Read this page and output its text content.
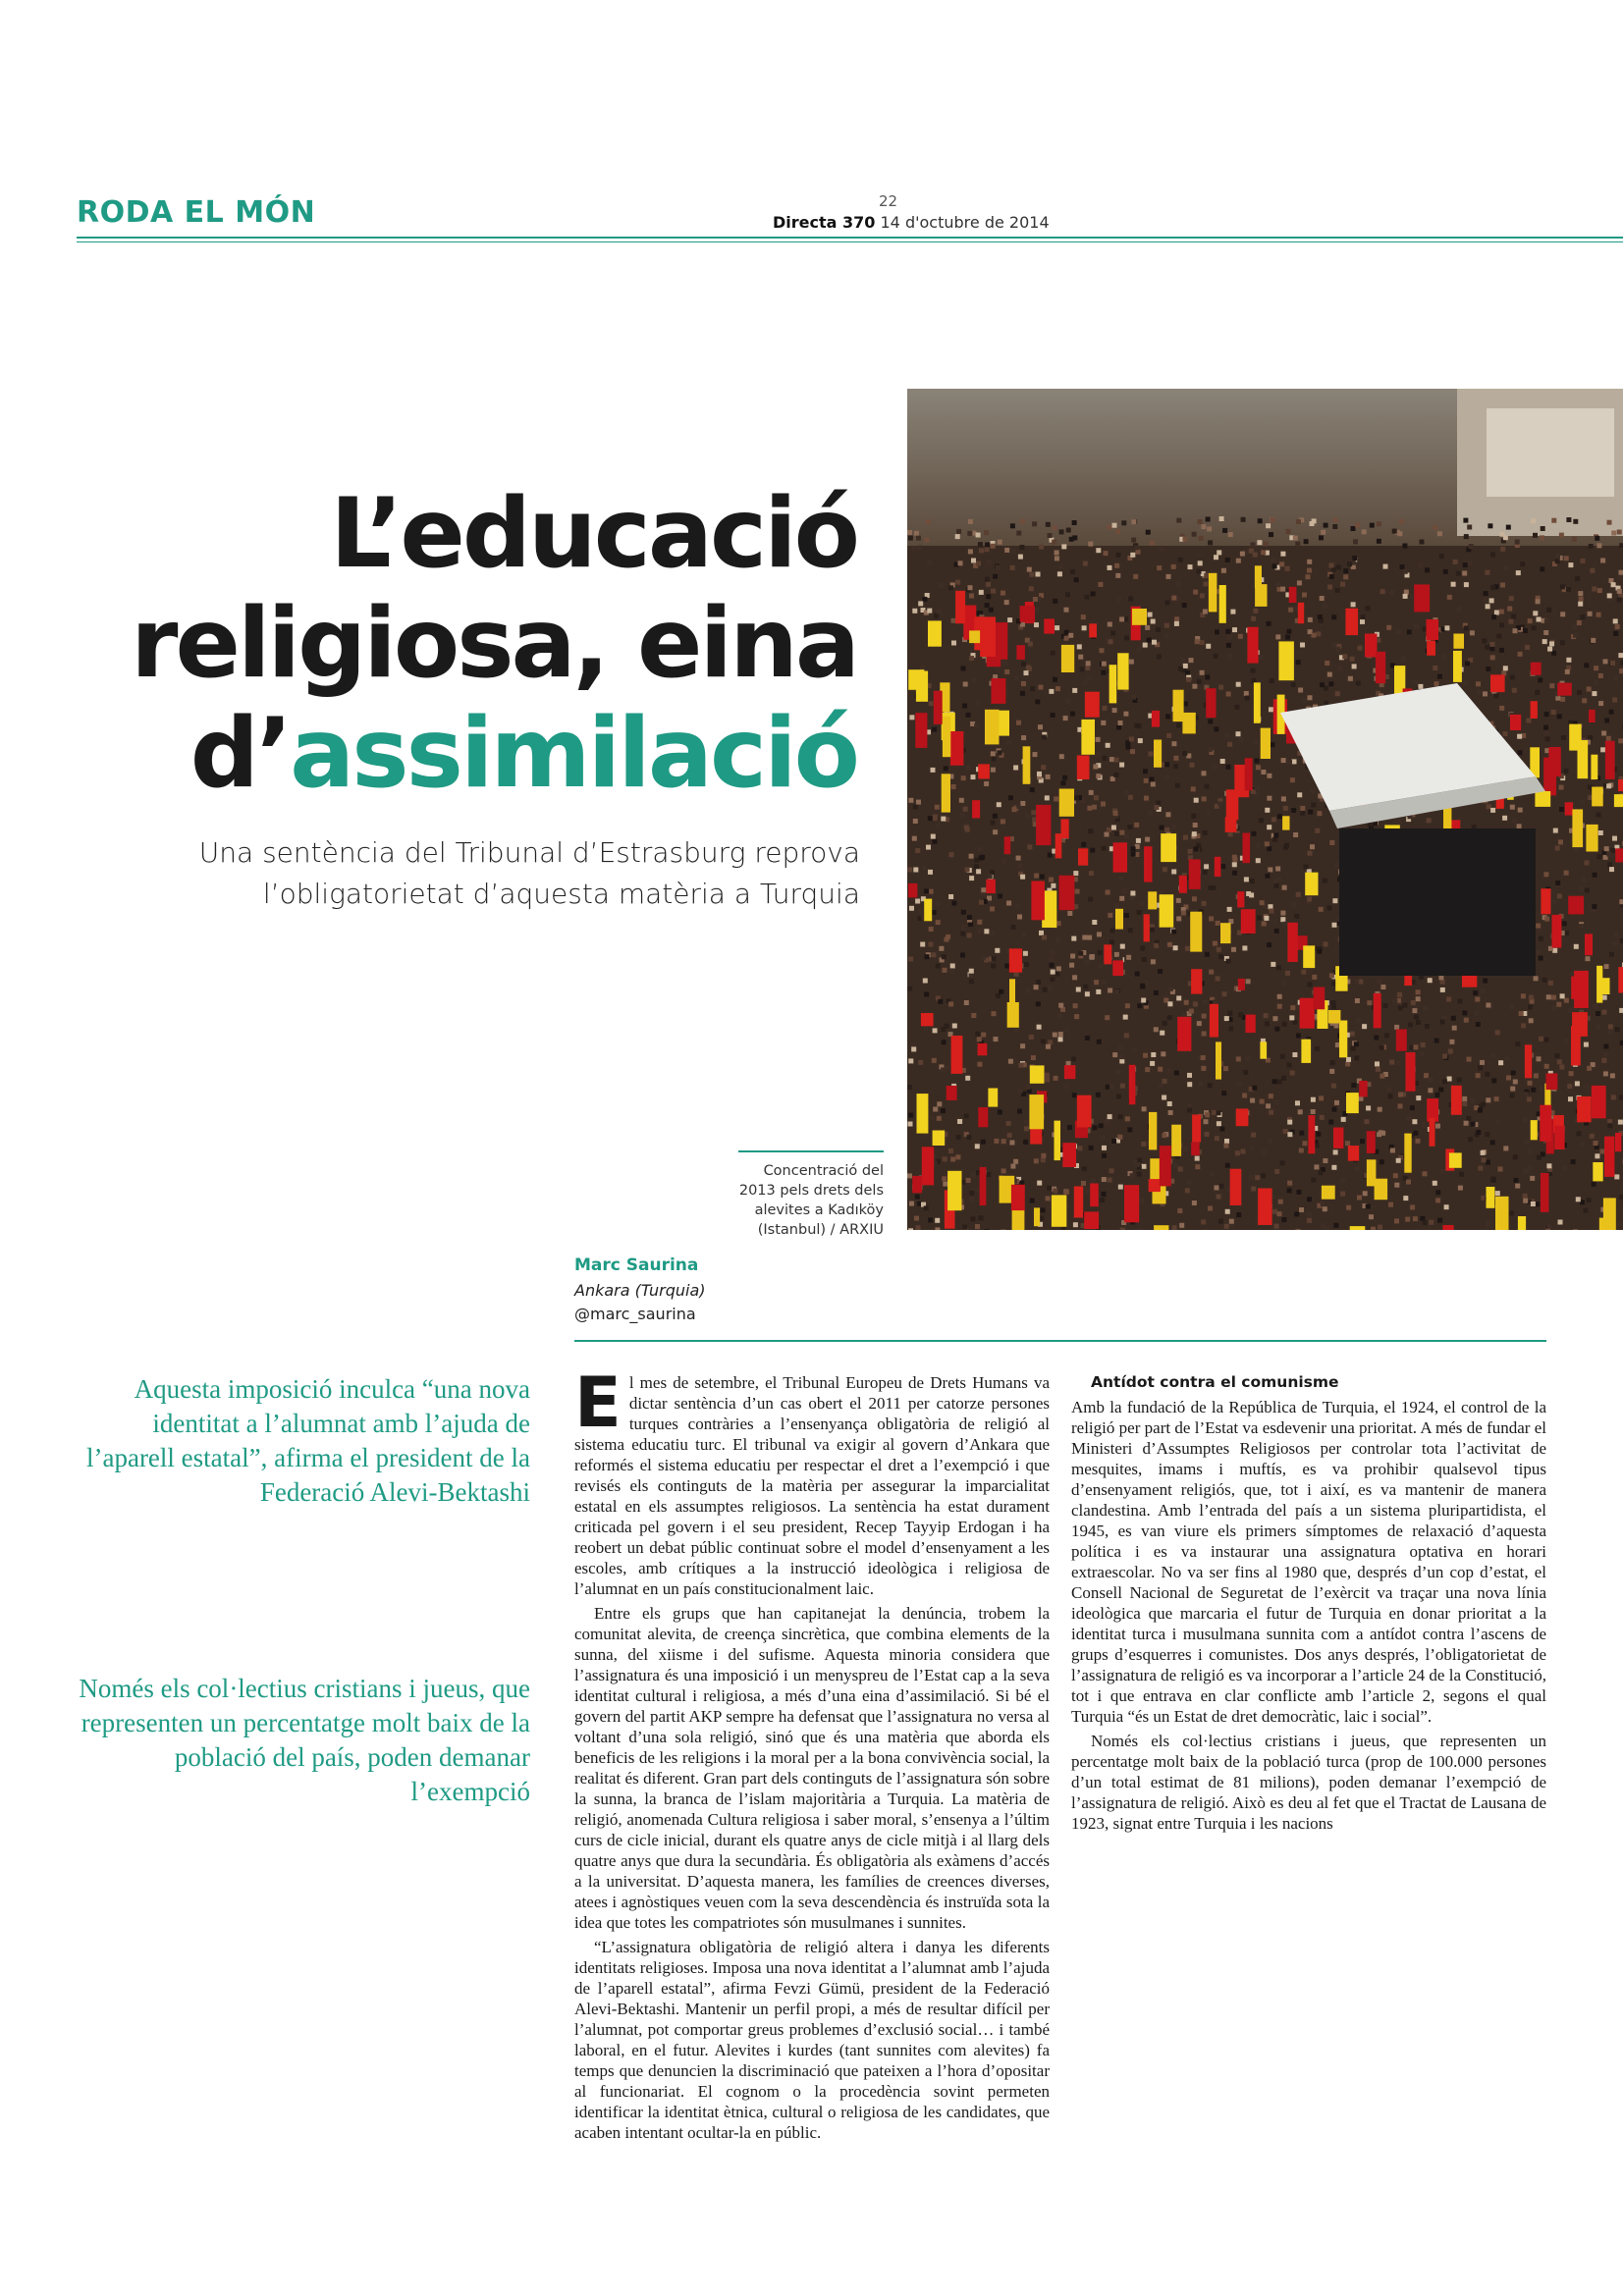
RODA EL MÓN	22
Directa 370 14 d'octubre de 2014
L’educació
religiosa, eina
d’assimilació
Una sentència del Tribunal d’Estrasburg reprova
l’obligatorietat d’aquesta matèria a Turquia
Concentració del
2013 pels drets dels
alevites a Kadıköy
(Istanbul) / ARXIU
Marc Saurina
Ankara (Turquia)
@marc_saurina
Aquesta imposició inculca “una nova identitat a l’alumnat amb l’ajuda de l’aparell estatal”, afirma el president de la Federació Alevi-Bektashi
Només els col·lectius cristians i jueus, que representen un percentatge molt baix de la població del país, poden demanar l’exempció

El mes de setembre, el Tribunal Europeu de Drets Humans va dictar sentència d’un cas obert el 2011 per catorze persones turques contràries a l’ensenyança obligatòria de religió al sistema educatiu turc. El tribunal va exigir al govern d’Ankara que reformés el sistema educatiu per respectar el dret a l’exempció i que revisés els continguts de la matèria per assegurar la imparcialitat estatal en els assumptes religiosos. La sentència ha estat durament criticada pel govern i el seu president, Recep Tayyip Erdogan i ha reobert un debat públic continuat sobre el model d’ensenyament a les escoles, amb crítiques a la instrucció ideològica i religiosa de l’alumnat en un país constitucionalment laic.

Entre els grups que han capitanejat la denúncia, trobem la comunitat alevita, de creença sincrètica, que combina elements de la sunna, del xiisme i del sufisme. Aquesta minoria considera que l’assignatura és una imposició i un menyspreu de l’Estat cap a la seva identitat cultural i religiosa, a més d’una eina d’assimilació. Si bé el govern del partit AKP sempre ha defensat que l’assignatura no versa al voltant d’una sola religió, sinó que és una matèria que aborda els beneficis de les religions i la moral per a la bona convivència social, la realitat és diferent. Gran part dels continguts de l’assignatura són sobre la sunna, la branca de l’islam majoritària a Turquia. La matèria de religió, anomenada Cultura religiosa i saber moral, s’ensenya a l’últim curs de cicle inicial, durant els quatre anys de cicle mitjà i al llarg dels quatre anys que dura la secundària. És obligatòria als exàmens d’accés a la universitat. D’aquesta manera, les famílies de creences diverses, atees i agnòstiques veuen com la seva descendència és instruïda sota la idea que totes les compatriotes són musulmanes i sunnites.

“L’assignatura obligatòria de religió altera i danya les diferents identitats religioses. Imposa una nova identitat a l’alumnat amb l’ajuda de l’aparell estatal”, afirma Fevzi Gümü, president de la Federació Alevi-Bektashi. Mantenir un perfil propi, a més de resultar difícil per l’alumnat, pot comportar greus problemes d’exclusió social… i també laboral, en el futur. Alevites i kurdes (tant sunnites com alevites) fa temps que denuncien la discriminació que pateixen a l’hora d’opositar al funcionariat. El cognom o la procedència sovint permeten identificar la identitat ètnica, cultural o religiosa de les candidates, que acaben intentant ocultar-la en públic.

Antídot contra el comunisme

Amb la fundació de la República de Turquia, el 1924, el control de la religió per part de l’Estat va esdevenir una prioritat. A més de fundar el Ministeri d’Assumptes Religiosos per controlar tota l’activitat de mesquites, imams i muftís, es va prohibir qualsevol tipus d’ensenyament religiós, que, tot i així, es va mantenir de manera clandestina. Amb l’entrada del país a un sistema pluripartidista, el 1945, es van viure els primers símptomes de relaxació d’aquesta política i es va instaurar una assignatura optativa en horari extraescolar. No va ser fins al 1980 que, després d’un cop d’estat, el Consell Nacional de Seguretat de l’exèrcit va traçar una nova línia ideològica que marcaria el futur de Turquia en donar prioritat a la identitat turca i musulmana sunnita com a antídot contra l’ascens de grups d’esquerres i comunistes. Dos anys després, l’obligatorietat de l’assignatura de religió es va incorporar a l’article 24 de la Constitució, tot i que entrava en clar conflicte amb l’article 2, segons el qual Turquia “és un Estat de dret democràtic, laic i social”.

Només els col·lectius cristians i jueus, que representen un percentatge molt baix de la població turca (prop de 100.000 persones d’un total estimat de 81 milions), poden demanar l’exempció de l’assignatura de religió. Això es deu al fet que el Tractat de Lausana de 1923, signat entre Turquia i les nacions
